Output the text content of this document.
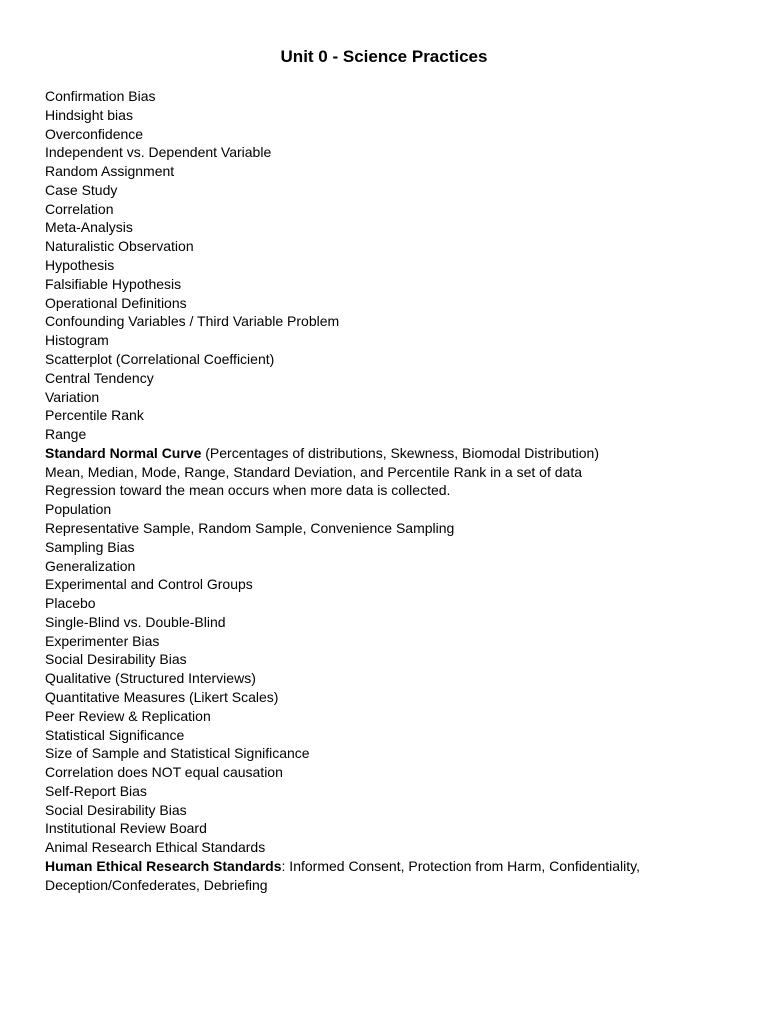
Unit 0 - Science Practices
Confirmation Bias
Hindsight bias
Overconfidence
Independent vs. Dependent Variable
Random Assignment
Case Study
Correlation
Meta-Analysis
Naturalistic Observation
Hypothesis
Falsifiable Hypothesis
Operational Definitions
Confounding Variables / Third Variable Problem
Histogram
Scatterplot (Correlational Coefficient)
Central Tendency
Variation
Percentile Rank
Range
Standard Normal Curve (Percentages of distributions, Skewness, Biomodal Distribution)
Mean, Median, Mode, Range, Standard Deviation, and Percentile Rank in a set of data
Regression toward the mean occurs when more data is collected.
Population
Representative Sample, Random Sample, Convenience Sampling
Sampling Bias
Generalization
Experimental and Control Groups
Placebo
Single-Blind vs. Double-Blind
Experimenter Bias
Social Desirability Bias
Qualitative (Structured Interviews)
Quantitative Measures (Likert Scales)
Peer Review & Replication
Statistical Significance
Size of Sample and Statistical Significance
Correlation does NOT equal causation
Self-Report Bias
Social Desirability Bias
Institutional Review Board
Animal Research Ethical Standards
Human Ethical Research Standards: Informed Consent, Protection from Harm, Confidentiality, Deception/Confederates, Debriefing
